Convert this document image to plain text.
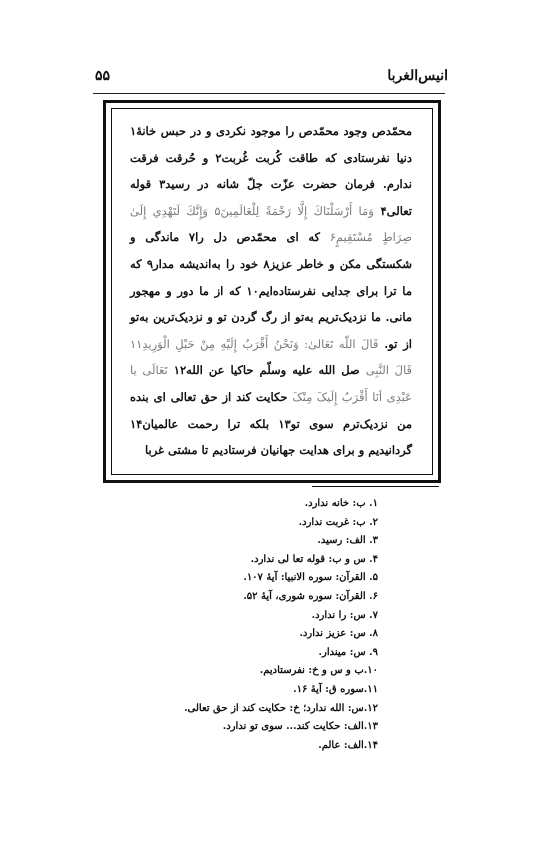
انیس‌الغربا
۵۵

محمّدص وجود محمّدص را موجود نکردی و در حبس خانهٔ۱ دنیا نفرستادی که طاقت کُربت غُربت۲ و حُرقت فرقت ندارم. فرمان حضرت عزّت جلّ شانه در رسید۳ قوله تعالی۴ وَمَا أَرْسَلْنَاكَ إِلَّا رَحْمَةً لِلْعَالَمِينَ۵ وَإِنَّكَ لَتَهْدِي إِلَىٰ صِرَاطٍ مُسْتَقِيمٍ۶ که ای محمّدص دل را۷ ماندگی و شکستگی مکن و خاطر عزیز۸ خود را به‌اندیشه مدار۹ که ما ترا برای جدایی نفرستاده‌ایم۱۰ که از ما دور و مهجور مانی. ما نزدیک‌تریم به‌تو از رگ گردن تو و نزدیک‌ترین به‌تو از تو. قَالَ اللّٰه تَعَالیٰ: وَنَحْنُ أَقْرَبُ إِلَيْهِ مِنْ حَبْلِ الْوَرِيدِ۱۱ قَالَ النَّبِی صل الله علیه وسلّم حاکیا عن الله۱۲ تَعَالَی یا عَبْدِی أنَا أَقْرَبُ إِلَیکَ مِنْکَ حکایت کند از حق تعالی ای بنده من نزدیک‌ترم سوی تو۱۳ بلکه ترا رحمت عالمیان۱۴ گردانیدیم و برای هدایت جهانیان فرستادیم تا مشتی غربا

۱. ب: خانه ندارد.
۲. ب: غربت ندارد.
۳. الف: رسید.
۴. س و ب: قوله تعا لی ندارد.
۵. القرآن: سوره الانبیا: آیهٔ ۱۰۷.
۶. القرآن: سوره شوری، آیهٔ ۵۲.
۷. س: را ندارد.
۸. س: عزیز ندارد.
۹. س: میندار.
۱۰.ب و س و خ: نفرستادیم.
۱۱.سوره ق: آیهٔ ۱۶.
۱۲.س: الله ندارد؛ خ: حکایت کند از حق تعالی.
۱۳.الف: حکایت کند... سوی تو ندارد.
۱۴.الف: عالم.
